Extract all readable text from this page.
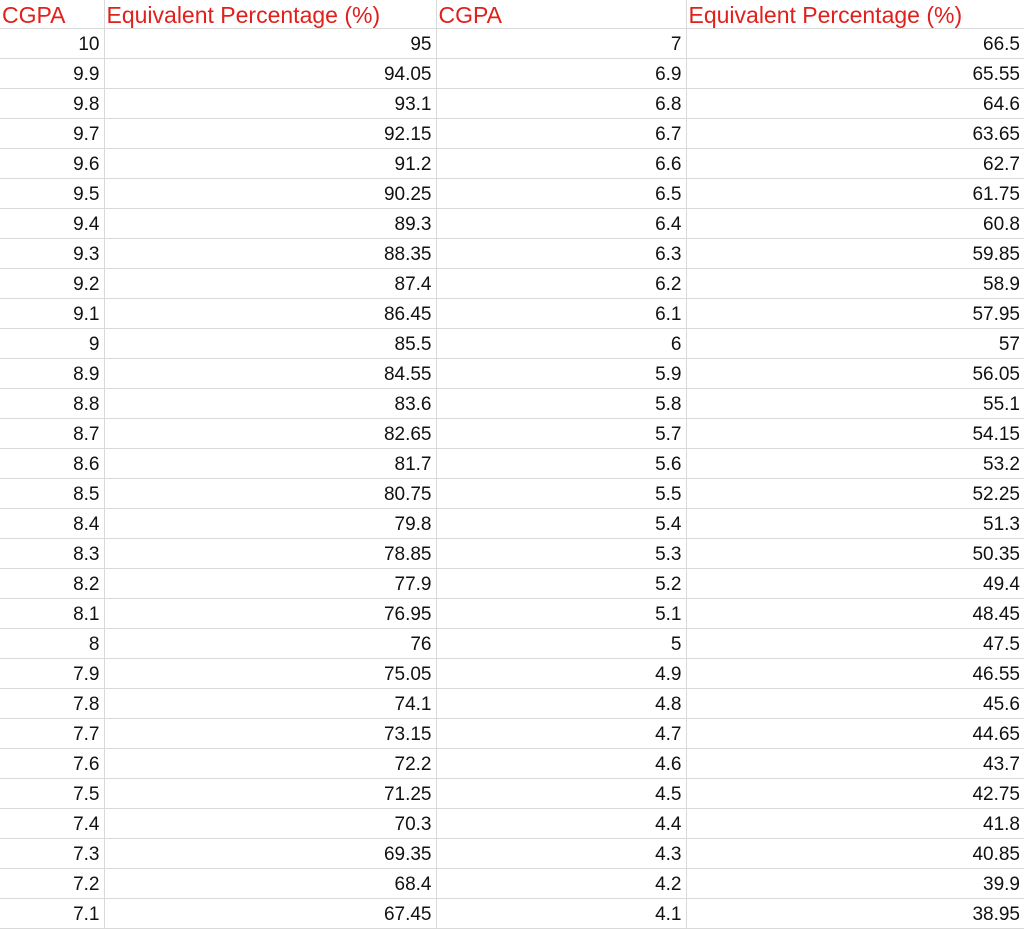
CGPA	Equivalent Percentage (%)	CGPA	Equivalent Percentage (%)
10	95	7	66.5
9.9	94.05	6.9	65.55
9.8	93.1	6.8	64.6
9.7	92.15	6.7	63.65
9.6	91.2	6.6	62.7
9.5	90.25	6.5	61.75
9.4	89.3	6.4	60.8
9.3	88.35	6.3	59.85
9.2	87.4	6.2	58.9
9.1	86.45	6.1	57.95
9	85.5	6	57
8.9	84.55	5.9	56.05
8.8	83.6	5.8	55.1
8.7	82.65	5.7	54.15
8.6	81.7	5.6	53.2
8.5	80.75	5.5	52.25
8.4	79.8	5.4	51.3
8.3	78.85	5.3	50.35
8.2	77.9	5.2	49.4
8.1	76.95	5.1	48.45
8	76	5	47.5
7.9	75.05	4.9	46.55
7.8	74.1	4.8	45.6
7.7	73.15	4.7	44.65
7.6	72.2	4.6	43.7
7.5	71.25	4.5	42.75
7.4	70.3	4.4	41.8
7.3	69.35	4.3	40.85
7.2	68.4	4.2	39.9
7.1	67.45	4.1	38.95
